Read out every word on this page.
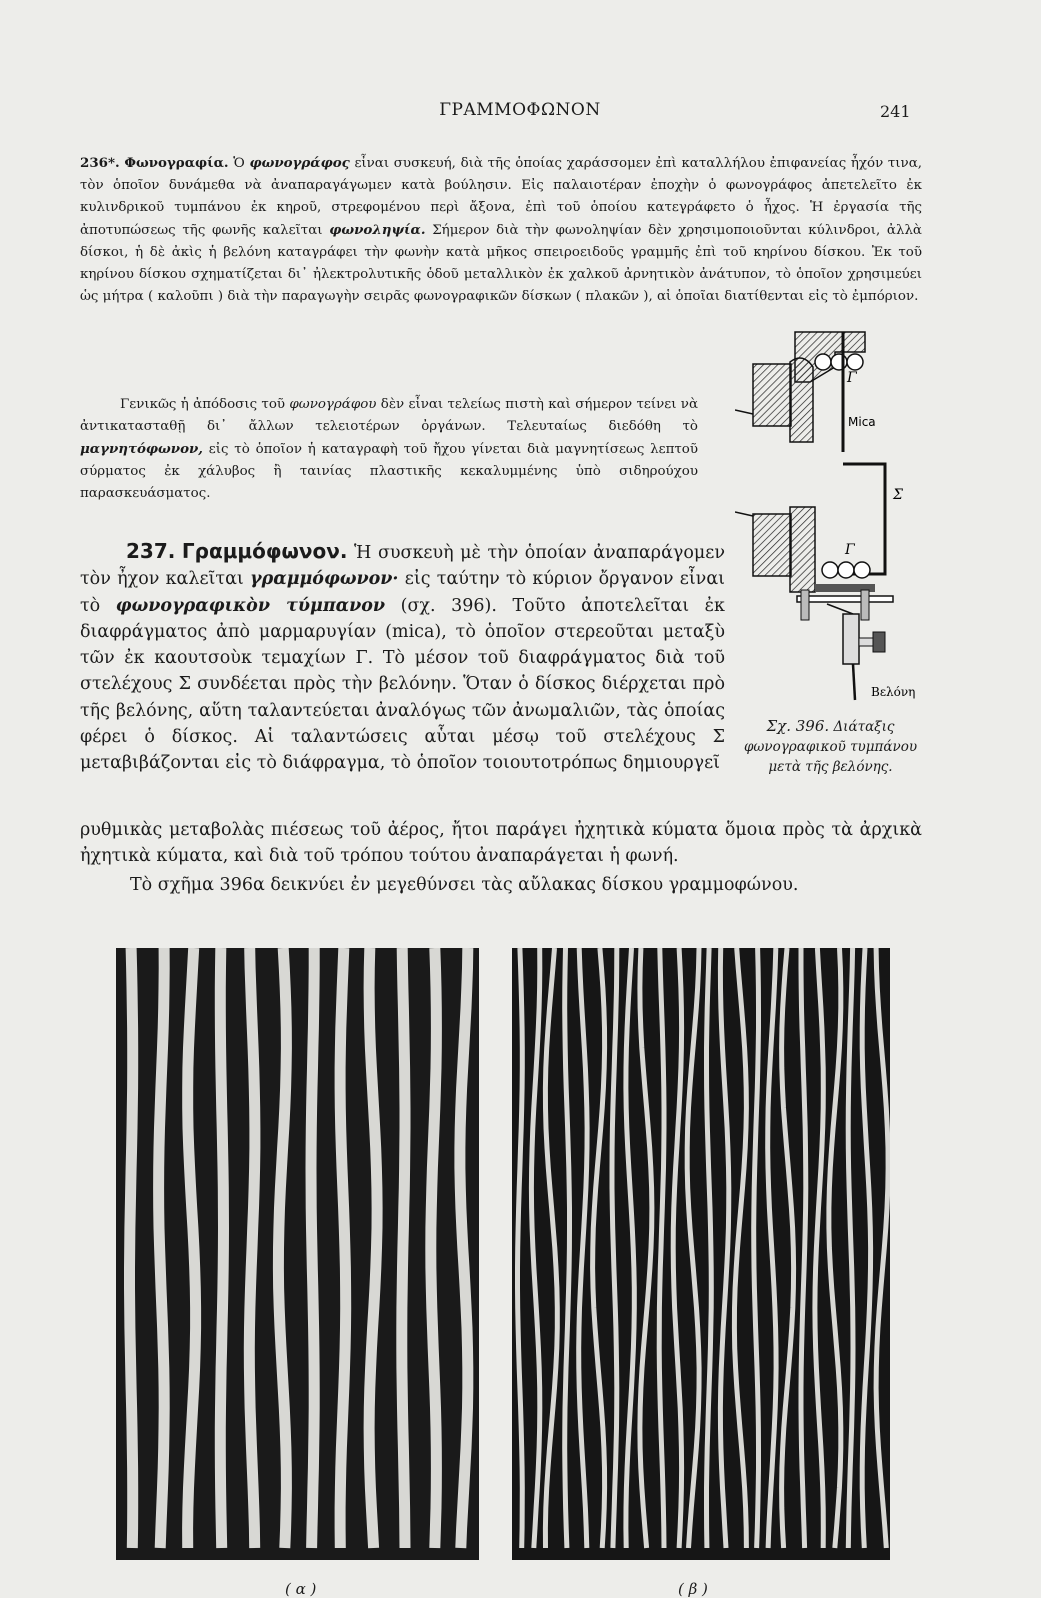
ΓΡΑΜΜΟΦΩΝΟΝ	241
236*. Φωνογραφία. Ὁ φωνογράφος εἶναι συσκευή, διὰ τῆς ὁποίας χαράσσομεν ἐπὶ καταλλήλου ἐπιφανείας ἦχόν τινα, τὸν ὁποῖον δυνάμεθα νὰ ἀναπαραγάγωμεν κατὰ βούλησιν. Εἰς παλαιοτέραν ἐποχὴν ὁ φωνογράφος ἀπετελεῖτο ἐκ κυλινδρικοῦ τυμπάνου ἐκ κηροῦ, στρεφομένου περὶ ἄξονα, ἐπὶ τοῦ ὁποίου κατεγράφετο ὁ ἦχος. Ἡ ἐργασία τῆς ἀποτυπώσεως τῆς φωνῆς καλεῖται φωνοληψία. Σήμερον διὰ τὴν φωνοληψίαν δὲν χρησιμοποιοῦνται κύλινδροι, ἀλλὰ δίσκοι, ἡ δὲ ἀκὶς ἡ βελόνη καταγράφει τὴν φωνὴν κατὰ μῆκος σπειροειδοῦς γραμμῆς ἐπὶ τοῦ κηρίνου δίσκου. Ἐκ τοῦ κηρίνου δίσκου σχηματίζεται δι᾿ ἠλεκτρολυτικῆς ὁδοῦ μεταλλικὸν ἐκ χαλκοῦ ἀρνητικὸν ἀνάτυπον, τὸ ὁποῖον χρησιμεύει ὡς μήτρα ( καλοῦπι ) διὰ τὴν παραγωγὴν σειρᾶς φωνογραφικῶν δίσκων ( πλακῶν ), αἱ ὁποῖαι διατίθενται εἰς τὸ ἐμπόριον.
Γενικῶς ἡ ἀπόδοσις τοῦ φωνογράφου δὲν εἶναι τελείως πιστὴ καὶ σήμερον τείνει νὰ ἀντικατασταθῇ δι᾿ ἄλλων τελειοτέρων ὀργάνων. Τελευταίως διεδόθη τὸ μαγνητόφωνον, εἰς τὸ ὁποῖον ἡ καταγραφὴ τοῦ ἤχου γίνεται διὰ μαγνητίσεως λεπτοῦ σύρματος ἐκ χάλυβος ἢ ταινίας πλαστικῆς κεκαλυμμένης ὑπὸ σιδηρούχου παρασκευάσματος.
237. Γραμμόφωνον. Ἡ συσκευὴ μὲ τὴν ὁποίαν ἀναπαράγομεν τὸν ἦχον καλεῖται γραμμόφωνον· εἰς ταύτην τὸ κύριον ὄργανον εἶναι τὸ φωνογραφικὸν τύμπανον (σχ. 396). Τοῦτο ἀποτελεῖται ἐκ διαφράγματος ἀπὸ μαρμαρυγίαν (mica), τὸ ὁποῖον στερεοῦται μεταξὺ τῶν ἐκ καουτσοὺκ τεμαχίων Γ. Τὸ μέσον τοῦ διαφράγματος διὰ τοῦ στελέχους Σ συνδέεται πρὸς τὴν βελόνην. Ὅταν ὁ δίσκος διέρχεται πρὸ τῆς βελόνης, αὕτη ταλαντεύεται ἀναλόγως τῶν ἀνωμαλιῶν, τὰς ὁποίας φέρει ὁ δίσκος. Αἱ ταλαντώσεις αὗται μέσῳ τοῦ στελέχους Σ μεταβιβάζονται εἰς τὸ διάφραγμα, τὸ ὁποῖον τοιουτοτρόπως δημιουργεῖ
ρυθμικὰς μεταβολὰς πιέσεως τοῦ ἀέρος, ἤτοι παράγει ἠχητικὰ κύματα ὅμοια πρὸς τὰ ἀρχικὰ ἠχητικὰ κύματα, καὶ διὰ τοῦ τρόπου τούτου ἀναπαράγεται ἡ φωνή.
Τὸ σχῆμα 396α δεικνύει ἐν μεγεθύνσει τὰς αὔλακας δίσκου γραμμοφώνου.
Γ
Mica
Σ
Γ
Βελόνη
Σχ. 396. Διάταξις φωνογραφικοῦ τυμπάνου μετὰ τῆς βελόνης.
( α )	( β )
